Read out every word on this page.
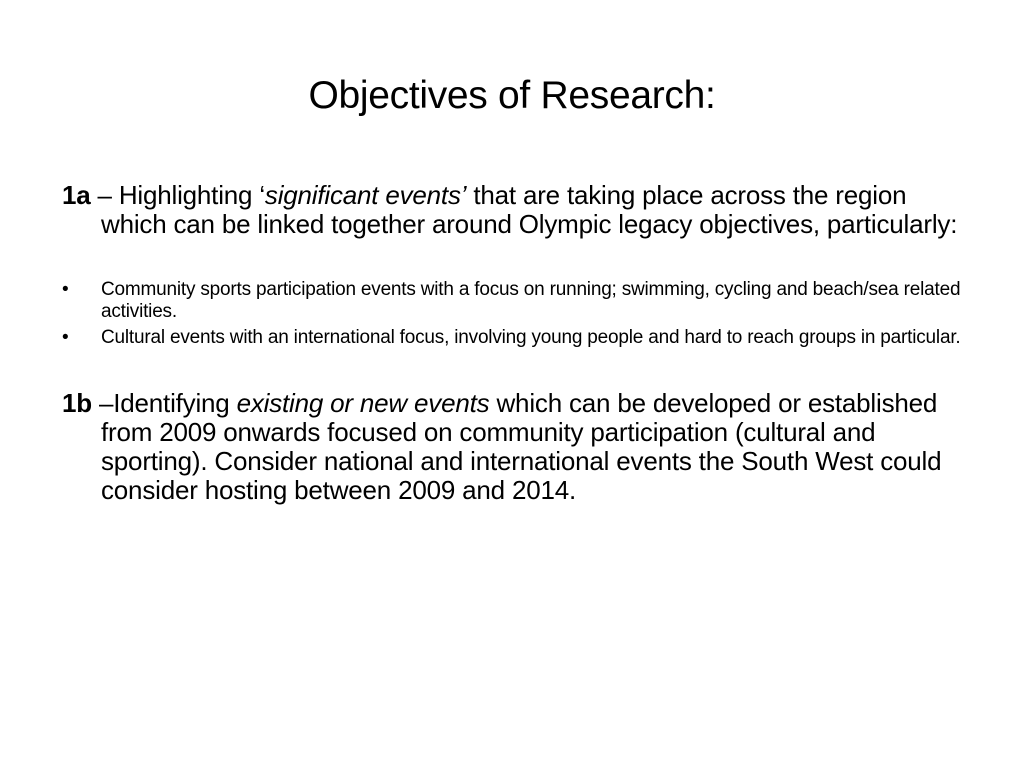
Objectives of Research:

1a – Highlighting ‘significant events’ that are taking place across the region which can be linked together around Olympic legacy objectives, particularly:

• Community sports participation events with a focus on running; swimming, cycling and beach/sea related activities.
• Cultural events with an international focus, involving young people and hard to reach groups in particular.

1b –Identifying existing or new events which can be developed or established from 2009 onwards focused on community participation (cultural and sporting). Consider national and international events the South West could consider hosting between 2009 and 2014.
